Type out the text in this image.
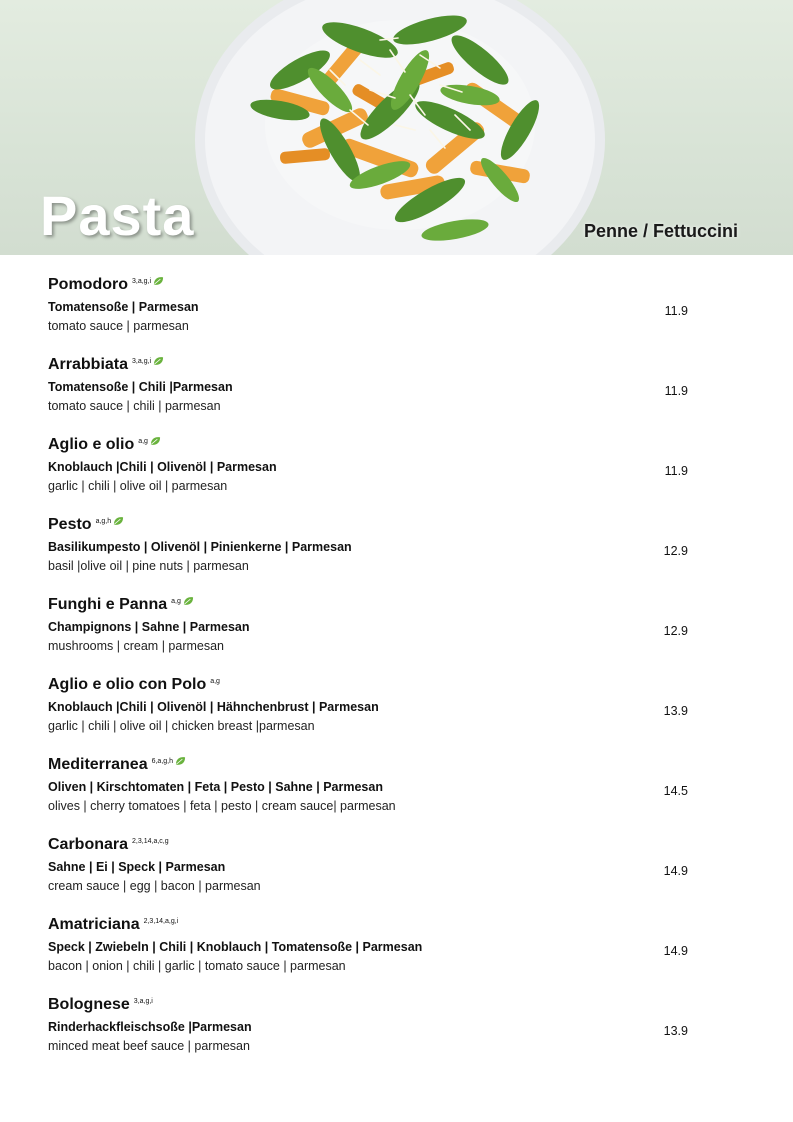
Pasta	Penne / Fettuccini
Pomodoro 3,a,g,i
Tomatensoße | Parmesan
tomato sauce | parmesan
11.9
Arrabbiata 3,a,g,i
Tomatensoße | Chili |Parmesan
tomato sauce | chili | parmesan
11.9
Aglio e olio a,g
Knoblauch |Chili | Olivenöl | Parmesan
garlic | chili | olive oil | parmesan
11.9
Pesto a,g,h
Basilikumpesto | Olivenöl | Pinienkerne | Parmesan
basil |olive oil | pine nuts | parmesan
12.9
Funghi e Panna a,g
Champignons | Sahne | Parmesan
mushrooms | cream | parmesan
12.9
Aglio e olio con Polo a,g
Knoblauch |Chili | Olivenöl | Hähnchenbrust | Parmesan
garlic | chili | olive oil | chicken breast |parmesan
13.9
Mediterranea 6,a,g,h
Oliven | Kirschtomaten | Feta | Pesto | Sahne | Parmesan
olives | cherry tomatoes | feta | pesto | cream sauce| parmesan
14.5
Carbonara 2,3,14,a,c,g
Sahne | Ei | Speck | Parmesan
cream sauce | egg | bacon | parmesan
14.9
Amatriciana 2,3,14,a,g,i
Speck | Zwiebeln | Chili | Knoblauch | Tomatensoße | Parmesan
bacon | onion | chili | garlic | tomato sauce | parmesan
14.9
Bolognese 3,a,g,i
Rinderhackfleischsoße |Parmesan
minced meat beef sauce | parmesan
13.9
